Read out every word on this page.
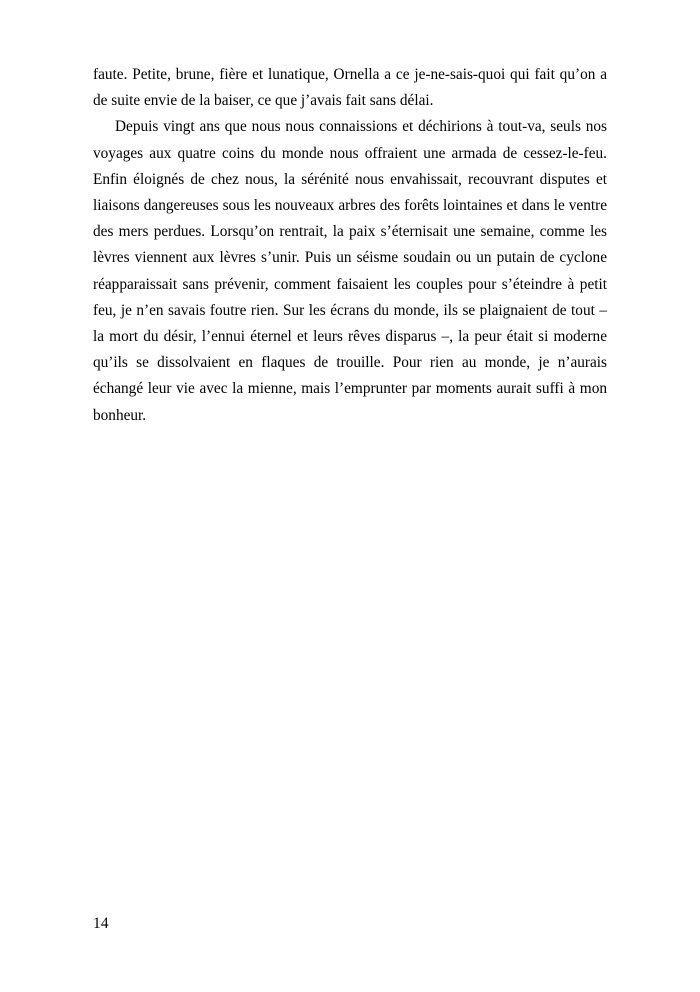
faute. Petite, brune, fière et lunatique, Ornella a ce je-ne-sais-quoi qui fait qu’on a de suite envie de la baiser, ce que j’avais fait sans délai.

Depuis vingt ans que nous nous connaissions et déchirions à tout-va, seuls nos voyages aux quatre coins du monde nous offraient une armada de cessez-le-feu. Enfin éloignés de chez nous, la sérénité nous envahissait, recouvrant disputes et liaisons dangereuses sous les nouveaux arbres des forêts lointaines et dans le ventre des mers perdues. Lorsqu’on rentrait, la paix s’éternisait une semaine, comme les lèvres viennent aux lèvres s’unir. Puis un séisme soudain ou un putain de cyclone réapparaissait sans prévenir, comment faisaient les couples pour s’éteindre à petit feu, je n’en savais foutre rien. Sur les écrans du monde, ils se plaignaient de tout – la mort du désir, l’ennui éternel et leurs rêves disparus –, la peur était si moderne qu’ils se dissolvaient en flaques de trouille. Pour rien au monde, je n’aurais échangé leur vie avec la mienne, mais l’emprunter par moments aurait suffi à mon bonheur.

14
